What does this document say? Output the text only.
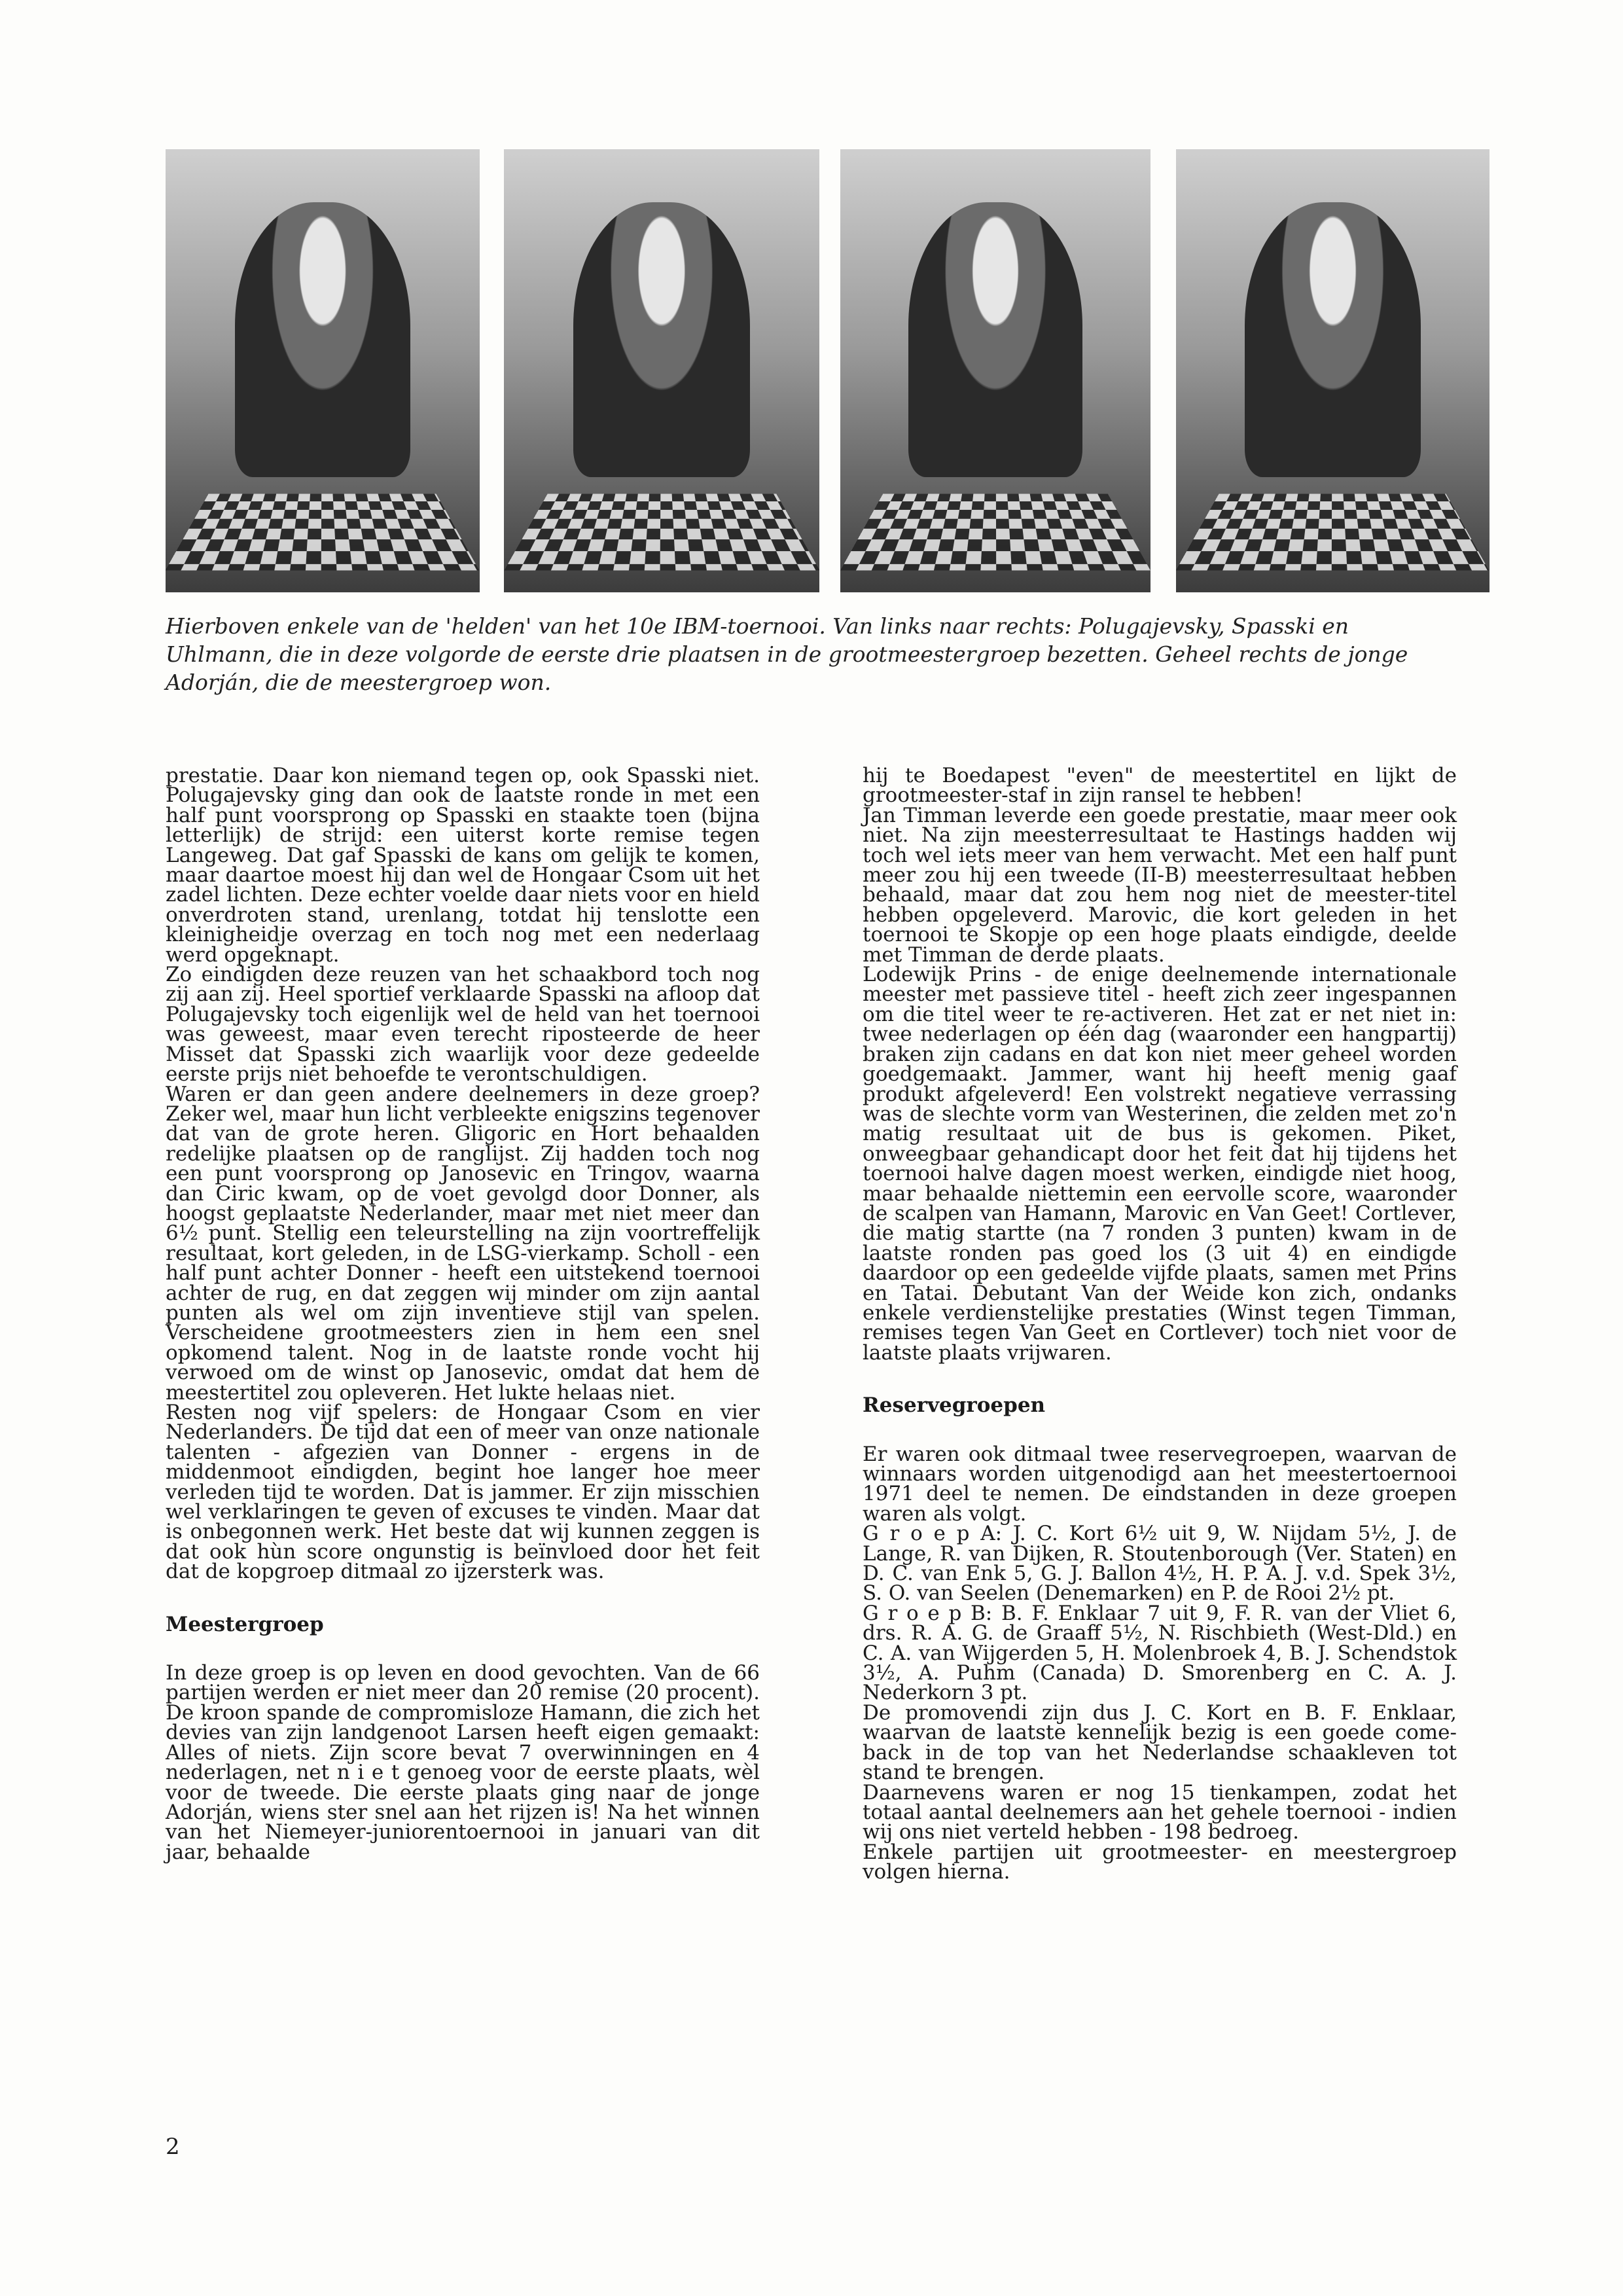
Hierboven enkele van de 'helden' van het 10e IBM-toernooi. Van links naar rechts: Polugajevsky, Spasski en Uhlmann, die in deze volgorde de eerste drie plaatsen in de grootmeestergroep bezetten. Geheel rechts de jonge Adorján, die de meestergroep won.

prestatie. Daar kon niemand tegen op, ook Spasski niet. Polugajevsky ging dan ook de laatste ronde in met een half punt voorsprong op Spasski en staakte toen (bijna letterlijk) de strijd: een uiterst korte remise tegen Langeweg. Dat gaf Spasski de kans om gelijk te komen, maar daartoe moest hij dan wel de Hongaar Csom uit het zadel lichten. Deze echter voelde daar niets voor en hield onverdroten stand, urenlang, totdat hij tenslotte een kleinigheidje overzag en toch nog met een nederlaag werd opgeknapt.

Zo eindigden deze reuzen van het schaakbord toch nog zij aan zij. Heel sportief verklaarde Spasski na afloop dat Polugajevsky toch eigenlijk wel de held van het toernooi was geweest, maar even terecht riposteerde de heer Misset dat Spasski zich waarlijk voor deze gedeelde eerste prijs niet behoefde te verontschuldigen.

Waren er dan geen andere deelnemers in deze groep? Zeker wel, maar hun licht verbleekte enigszins tegenover dat van de grote heren. Gligoric en Hort behaalden redelijke plaatsen op de ranglijst. Zij hadden toch nog een punt voorsprong op Janosevic en Tringov, waarna dan Ciric kwam, op de voet gevolgd door Donner, als hoogst geplaatste Nederlander, maar met niet meer dan 6½ punt. Stellig een teleurstelling na zijn voortreffelijk resultaat, kort geleden, in de LSG-vierkamp. Scholl - een half punt achter Donner - heeft een uitstekend toernooi achter de rug, en dat zeggen wij minder om zijn aantal punten als wel om zijn inventieve stijl van spelen. Verscheidene grootmeesters zien in hem een snel opkomend talent. Nog in de laatste ronde vocht hij verwoed om de winst op Janosevic, omdat dat hem de meestertitel zou opleveren. Het lukte helaas niet.

Resten nog vijf spelers: de Hongaar Csom en vier Nederlanders. De tijd dat een of meer van onze nationale talenten - afgezien van Donner - ergens in de middenmoot eindigden, begint hoe langer hoe meer verleden tijd te worden. Dat is jammer. Er zijn misschien wel verklaringen te geven of excuses te vinden. Maar dat is onbegonnen werk. Het beste dat wij kunnen zeggen is dat ook hùn score ongunstig is beïnvloed door het feit dat de kopgroep ditmaal zo ijzersterk was.

Meestergroep

In deze groep is op leven en dood gevochten. Van de 66 partijen werden er niet meer dan 20 remise (20 procent). De kroon spande de compromisloze Hamann, die zich het devies van zijn landgenoot Larsen heeft eigen gemaakt: Alles of niets. Zijn score bevat 7 overwinningen en 4 nederlagen, net n i e t genoeg voor de eerste plaats, wèl voor de tweede. Die eerste plaats ging naar de jonge Adorján, wiens ster snel aan het rijzen is! Na het winnen van het Niemeyer-juniorentoernooi in januari van dit jaar, behaalde

hij te Boedapest "even" de meestertitel en lijkt de grootmeester-staf in zijn ransel te hebben!

Jan Timman leverde een goede prestatie, maar meer ook niet. Na zijn meesterresultaat te Hastings hadden wij toch wel iets meer van hem verwacht. Met een half punt meer zou hij een tweede (II-B) meesterresultaat hebben behaald, maar dat zou hem nog niet de meester-titel hebben opgeleverd. Marovic, die kort geleden in het toernooi te Skopje op een hoge plaats eindigde, deelde met Timman de derde plaats.

Lodewijk Prins - de enige deelnemende internationale meester met passieve titel - heeft zich zeer ingespannen om die titel weer te re-activeren. Het zat er net niet in: twee nederlagen op één dag (waaronder een hangpartij) braken zijn cadans en dat kon niet meer geheel worden goedgemaakt. Jammer, want hij heeft menig gaaf produkt afgeleverd! Een volstrekt negatieve verrassing was de slechte vorm van Westerinen, die zelden met zo'n matig resultaat uit de bus is gekomen. Piket, onweegbaar gehandicapt door het feit dat hij tijdens het toernooi halve dagen moest werken, eindigde niet hoog, maar behaalde niettemin een eervolle score, waaronder de scalpen van Hamann, Marovic en Van Geet! Cortlever, die matig startte (na 7 ronden 3 punten) kwam in de laatste ronden pas goed los (3 uit 4) en eindigde daardoor op een gedeelde vijfde plaats, samen met Prins en Tatai. Debutant Van der Weide kon zich, ondanks enkele verdienstelijke prestaties (Winst tegen Timman, remises tegen Van Geet en Cortlever) toch niet voor de laatste plaats vrijwaren.

Reservegroepen

Er waren ook ditmaal twee reservegroepen, waarvan de winnaars worden uitgenodigd aan het meestertoernooi 1971 deel te nemen. De eindstanden in deze groepen waren als volgt.

G r o e p A: J. C. Kort 6½ uit 9, W. Nijdam 5½, J. de Lange, R. van Dijken, R. Stoutenborough (Ver. Staten) en D. C. van Enk 5, G. J. Ballon 4½, H. P. A. J. v.d. Spek 3½, S. O. van Seelen (Denemarken) en P. de Rooi 2½ pt.

G r o e p B: B. F. Enklaar 7 uit 9, F. R. van der Vliet 6, drs. R. A. G. de Graaff 5½, N. Rischbieth (West-Dld.) en C. A. van Wijgerden 5, H. Molenbroek 4, B. J. Schendstok 3½, A. Puhm (Canada) D. Smorenberg en C. A. J. Nederkorn 3 pt.

De promovendi zijn dus J. C. Kort en B. F. Enklaar, waarvan de laatste kennelijk bezig is een goede come-back in de top van het Nederlandse schaakleven tot stand te brengen.

Daarnevens waren er nog 15 tienkampen, zodat het totaal aantal deelnemers aan het gehele toernooi - indien wij ons niet verteld hebben - 198 bedroeg.

Enkele partijen uit grootmeester- en meestergroep volgen hierna.

2
